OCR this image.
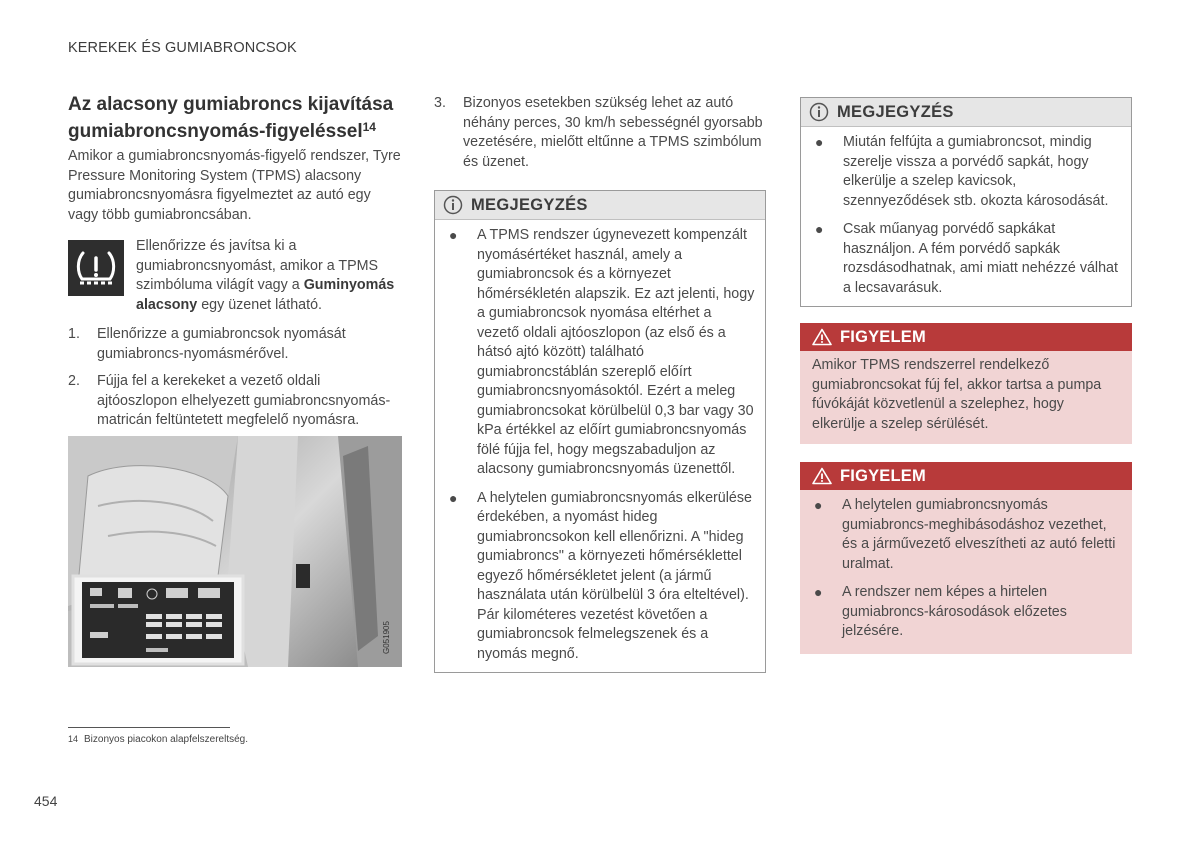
KEREKEK ÉS GUMIABRONCSOK
Az alacsony gumiabroncs kijavítása gumiabroncsnyomás-figyeléssel$^{14}$

Amikor a gumiabroncsnyomás-figyelő rendszer, Tyre Pressure Monitoring System (TPMS) alacsony gumiabroncsnyomásra figyelmeztet az autó egy vagy több gumiabroncsában.

Ellenőrizze és javítsa ki a gumiabroncsnyomást, amikor a TPMS szimbóluma világít vagy a Guminyomás alacsony egy üzenet látható.

1.	Ellenőrizze a gumiabroncsok nyomását gumiabroncs-nyomásmérővel.
2.	Fújja fel a kerekeket a vezető oldali ajtóoszlopon elhelyezett gumiabroncsnyomás-matricán feltüntetett megfelelő nyomásra.
G051905
3.	Bizonyos esetekben szükség lehet az autó néhány perces, 30 km/h sebességnél gyorsabb vezetésére, mielőtt eltűnne a TPMS szimbólum és üzenet.
MEGJEGYZÉS
●	A TPMS rendszer úgynevezett kompenzált nyomásértéket használ, amely a gumiabroncsok és a környezet hőmérsékletén alapszik. Ez azt jelenti, hogy a gumiabroncsok nyomása eltérhet a vezető oldali ajtóoszlopon (az első és a hátsó ajtó között) található gumiabroncstáblán szereplő előírt gumiabroncsnyomásoktól. Ezért a meleg gumiabroncsokat körülbelül 0,3 bar vagy 30 kPa értékkel az előírt gumiabroncsnyomás fölé fújja fel, hogy megszabaduljon az alacsony gumiabroncsnyomás üzenettől.
●	A helytelen gumiabroncsnyomás elkerülése érdekében, a nyomást hideg gumiabroncsokon kell ellenőrizni. A "hideg gumiabroncs" a környezeti hőmérséklettel egyező hőmérsékletet jelent (a jármű használata után körülbelül 3 óra elteltével). Pár kilométeres vezetést követően a gumiabroncsok felmelegszenek és a nyomás megnő.
MEGJEGYZÉS
●	Miután felfújta a gumiabroncsot, mindig szerelje vissza a porvédő sapkát, hogy elkerülje a szelep kavicsok, szennyeződések stb. okozta károsodását.
●	Csak műanyag porvédő sapkákat használjon. A fém porvédő sapkák rozsdásodhatnak, ami miatt nehézzé válhat a lecsavarásuk.
FIGYELEM

Amikor TPMS rendszerrel rendelkező gumiabroncsokat fúj fel, akkor tartsa a pumpa fúvókáját közvetlenül a szelephez, hogy elkerülje a szelep sérülését.

FIGYELEM
●	A helytelen gumiabroncsnyomás gumiabroncs-meghibásodáshoz vezethet, és a járművezető elveszítheti az autó feletti uralmat.
●	A rendszer nem képes a hirtelen gumiabroncs-károsodások előzetes jelzésére.
14 Bizonyos piacokon alapfelszereltség.
454
